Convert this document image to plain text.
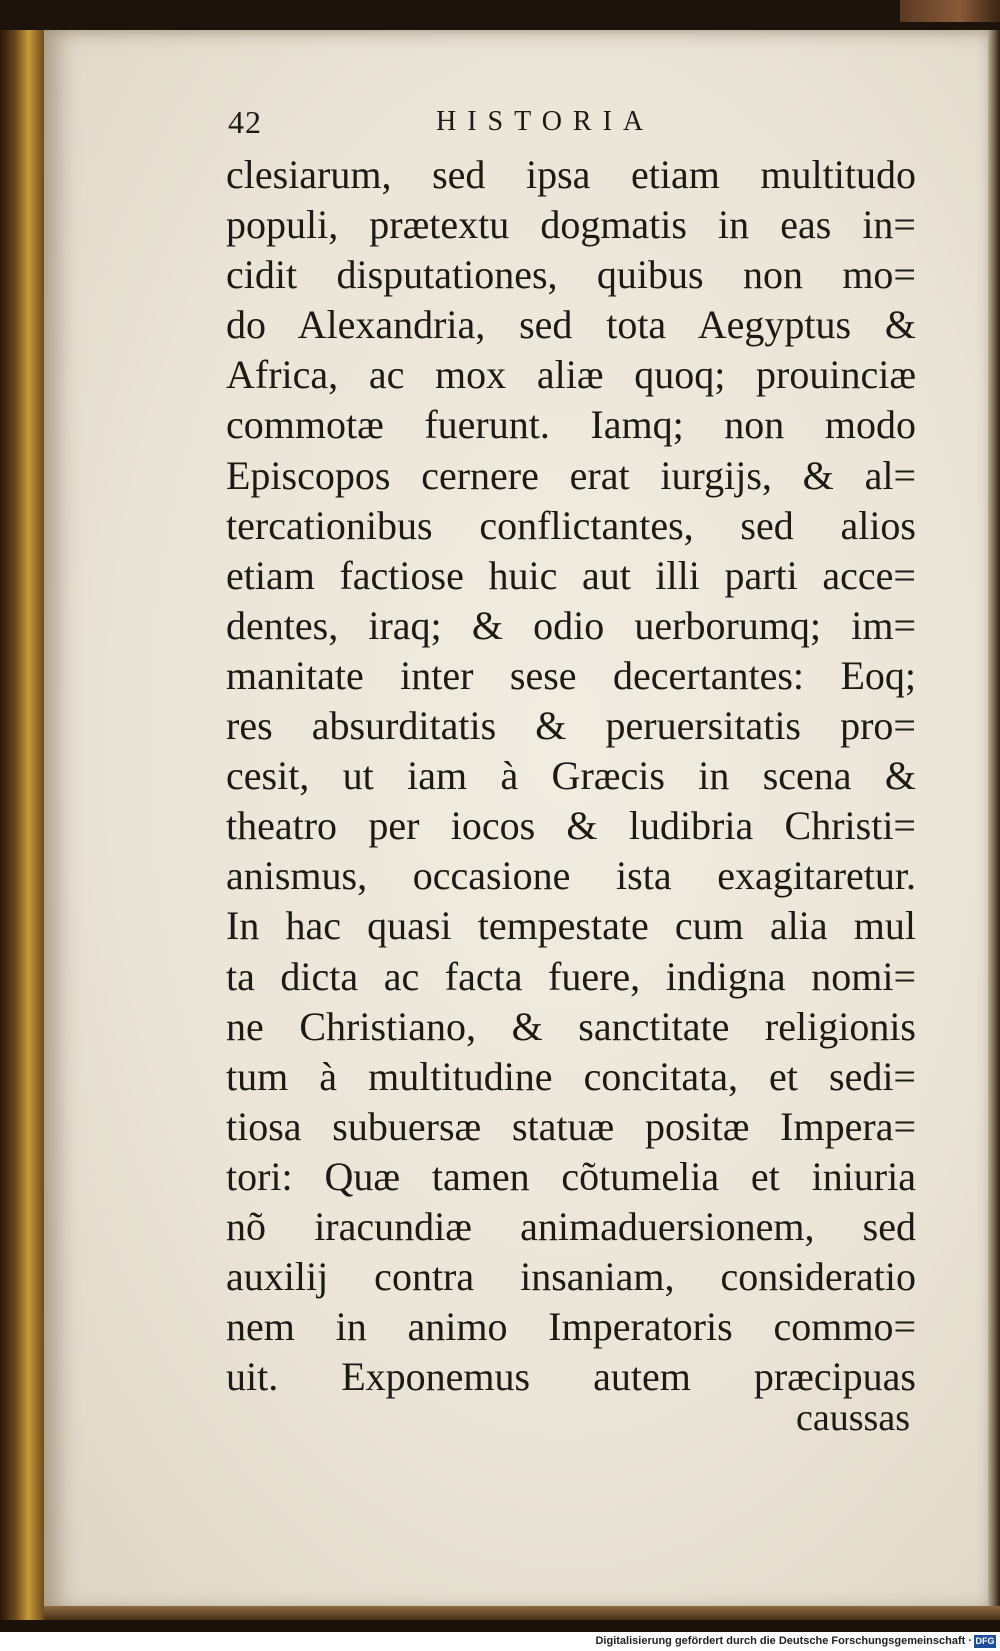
42	HISTORIA
clesiarum, sed ipsa etiam multitudo
populi, prætextu dogmatis in eas in=
cidit disputationes, quibus non mo=
do Alexandria, sed tota Aegyptus &
Africa, ac mox aliæ quoq; prouinciæ
commotæ fuerunt. Iamq; non modo
Episcopos cernere erat iurgijs, & al=
tercationibus conflictantes, sed alios
etiam factiose huic aut illi parti acce=
dentes, iraq; & odio uerborumq; im=
manitate inter sese decertantes: Eoq;
res absurditatis & peruersitatis pro=
cesit, ut iam à Græcis in scena &
theatro per iocos & ludibria Christi=
anismus, occasione ista exagitaretur.
In hac quasi tempestate cum alia mul
ta dicta ac facta fuere, indigna nomi=
ne Christiano, & sanctitate religionis
tum à multitudine concitata, et sedi=
tiosa subuersæ statuæ positæ Impera=
tori: Quæ tamen cõtumelia et iniuria
nõ iracundiæ animaduersionem, sed
auxilij contra insaniam, consideratio
nem in animo Imperatoris commo=
uit. Exponemus autem præcipuas
caussas
Digitalisierung gefördert durch die Deutsche Forschungsgemeinschaft · DFG
